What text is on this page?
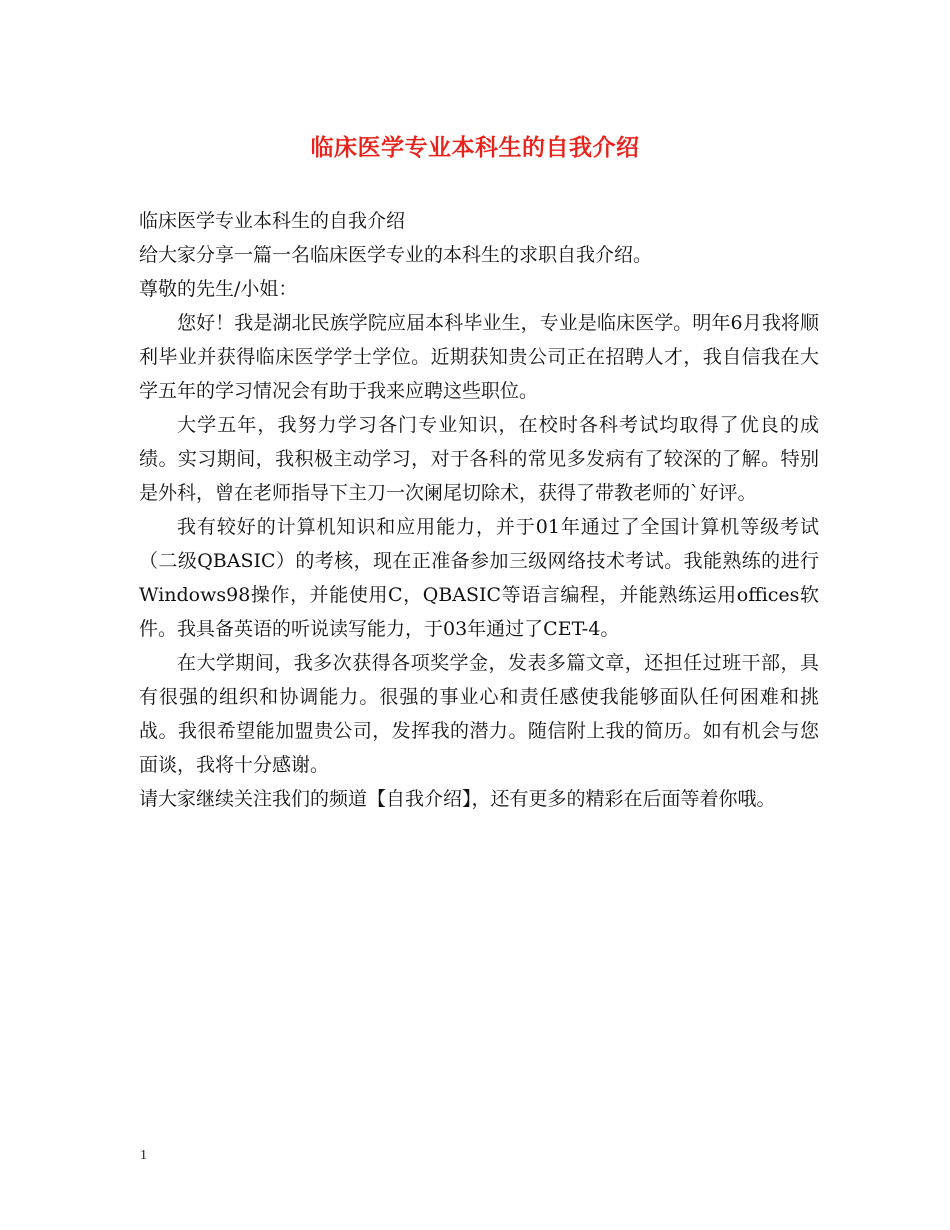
临床医学专业本科生的自我介绍

临床医学专业本科生的自我介绍

给大家分享一篇一名临床医学专业的本科生的求职自我介绍。

尊敬的先生/小姐：

您好！我是湖北民族学院应届本科毕业生，专业是临床医学。明年6月我将顺利毕业并获得临床医学学士学位。近期获知贵公司正在招聘人才，我自信我在大学五年的学习情况会有助于我来应聘这些职位。

大学五年，我努力学习各门专业知识，在校时各科考试均取得了优良的成绩。实习期间，我积极主动学习，对于各科的常见多发病有了较深的了解。特别是外科，曾在老师指导下主刀一次阑尾切除术，获得了带教老师的`好评。

我有较好的计算机知识和应用能力，并于01年通过了全国计算机等级考试（二级QBASIC）的考核，现在正准备参加三级网络技术考试。我能熟练的进行Windows98操作，并能使用C，QBASIC等语言编程，并能熟练运用offices软件。我具备英语的听说读写能力，于03年通过了CET-4。

在大学期间，我多次获得各项奖学金，发表多篇文章，还担任过班干部，具有很强的组织和协调能力。很强的事业心和责任感使我能够面队任何困难和挑战。我很希望能加盟贵公司，发挥我的潜力。随信附上我的简历。如有机会与您面谈，我将十分感谢。

请大家继续关注我们的频道【自我介绍】，还有更多的精彩在后面等着你哦。

1
